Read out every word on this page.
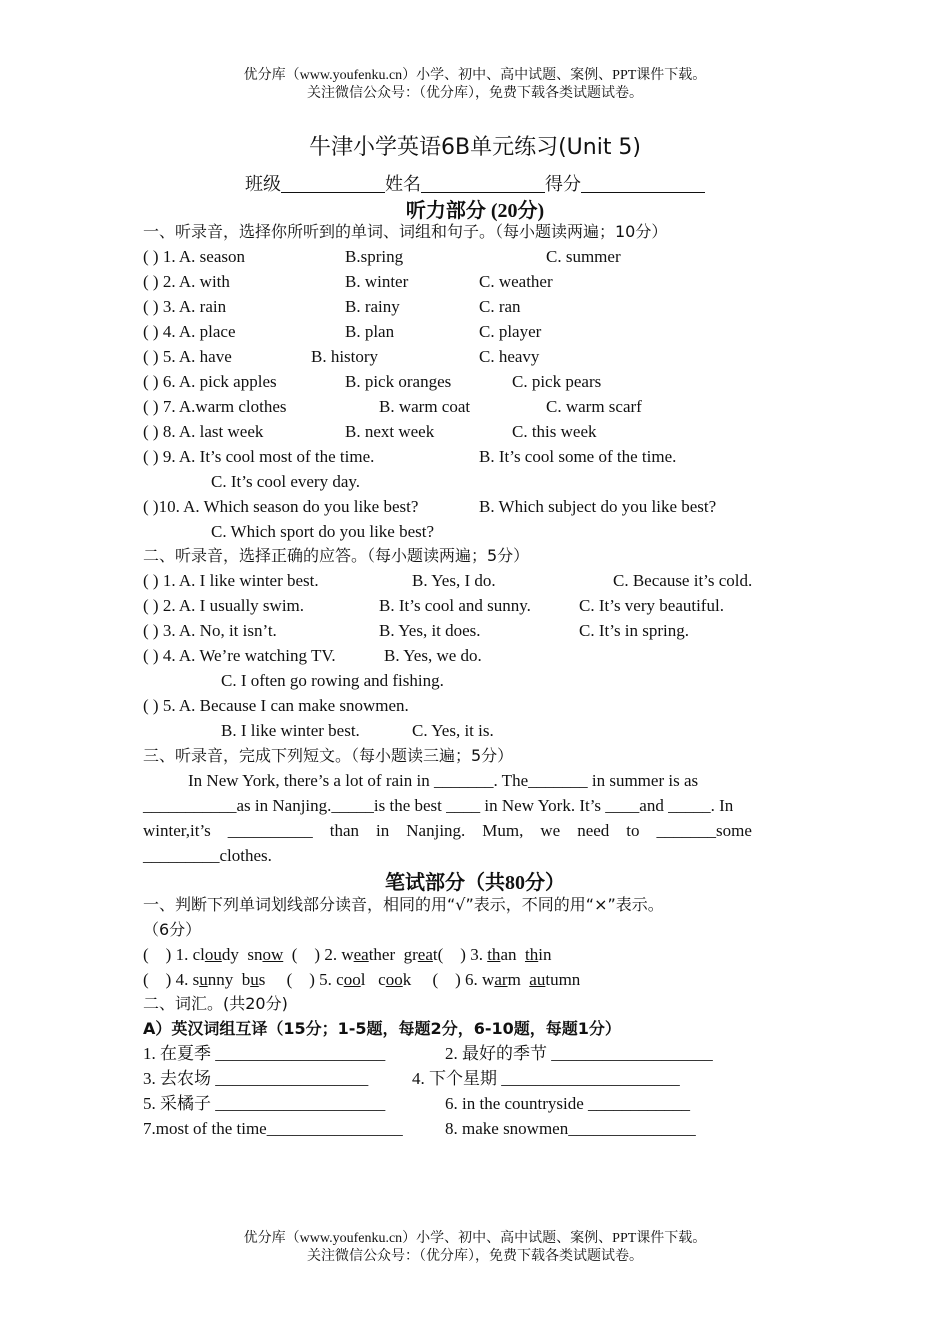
优分库（www.youfenku.cn）小学、初中、高中试题、案例、PPT课件下载。
关注微信公众号：（优分库），免费下载各类试题试卷。
牛津小学英语6B单元练习(Unit 5)
班级	姓名	得分
听力部分 (20分)
一、听录音，选择你所听到的单词、词组和句子。（每小题读两遍；10分）
( ) 1. A. season	B.spring	C. summer
( ) 2. A. with	B. winter	C. weather
( ) 3. A. rain	B. rainy	C. ran
( ) 4. A. place	B. plan	C. player
( ) 5. A. have	B. history	C. heavy
( ) 6. A. pick apples	B. pick oranges	C. pick pears
( ) 7. A.warm clothes	B. warm coat	C. warm scarf
( ) 8. A. last week	B. next week	C. this week
( ) 9. A. It’s cool most of the time.	B. It’s cool some of the time.
C. It’s cool every day.
( )10. A. Which season do you like best?	B. Which subject do you like best?
C. Which sport do you like best?
二、听录音，选择正确的应答。（每小题读两遍；5分）
( ) 1. A. I like winter best.	B. Yes, I do.	C. Because it’s cold.
( ) 2. A. I usually swim.	B. It’s cool and sunny.	C. It’s very beautiful.
( ) 3. A. No, it isn’t.	B. Yes, it does.	C. It’s in spring.
( ) 4. A. We’re watching TV.	B. Yes, we do.
C. I often go rowing and fishing.
( ) 5. A. Because I can make snowmen.
B. I like winter best.	C. Yes, it is.
三、听录音，完成下列短文。（每小题读三遍；5分）
In New York, there’s a lot of rain in _______. The_______ in summer is as
___________as in Nanjing._____is the best ____ in New York. It’s ____and _____. In
winter,it’s    __________    than    in    Nanjing.    Mum,    we    need    to    _______some
_________clothes.
笔试部分（共80分）
一、判断下列单词划线部分读音，相同的用“√”表示，不同的用“×”表示。
（6分）
(    ) 1. cloudy  snow (    ) 2. weather  great(    ) 3. than  thin
(    ) 4. sunny  bus (    ) 5. cool   cook (    ) 6. warm  autumn
二、词汇。(共20分)
A）英汉词组互译（15分；1-5题，每题2分，6-10题，每题1分）
1. 在夏季 ____________________	2. 最好的季节 ___________________
3. 去农场 __________________	4. 下个星期 _____________________
5. 采橘子 ____________________	6. in the countryside ____________
7.most of the time________________ 8. make snowmen_______________
优分库（www.youfenku.cn）小学、初中、高中试题、案例、PPT课件下载。
关注微信公众号：（优分库），免费下载各类试题试卷。
